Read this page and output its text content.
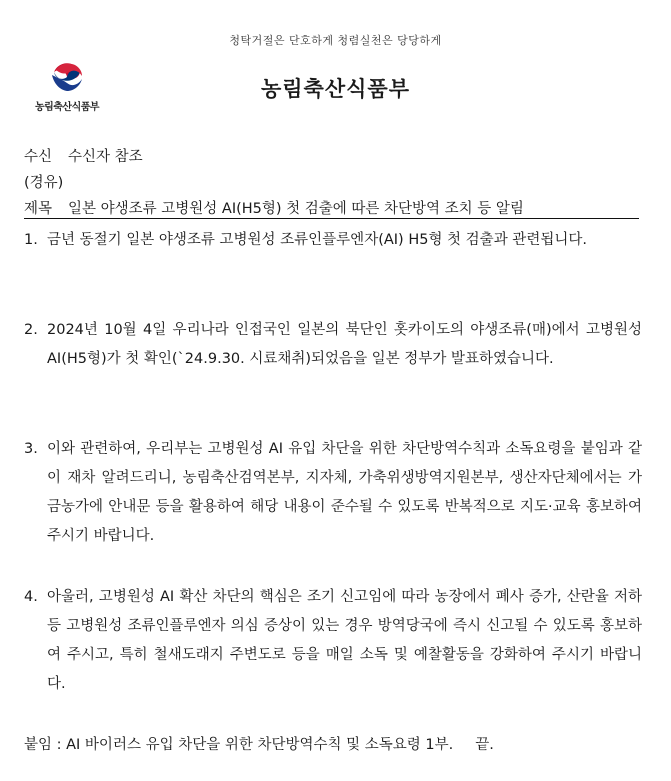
청탁거절은 단호하게 청렴실천은 당당하게
농림축산식품부
농림축산식품부
수신 수신자 참조
(경유)
제목 일본 야생조류 고병원성 AI(H5형) 첫 검출에 따른 차단방역 조치 등 알림
1. 금년 동절기 일본 야생조류 고병원성 조류인플루엔자(AI) H5형 첫 검출과 관련됩니다.
2. 2024년 10월 4일 우리나라 인접국인 일본의 북단인 홋카이도의 야생조류(매)에서 고병원성 AI(H5형)가 첫 확인(`24.9.30. 시료채취)되었음을 일본 정부가 발표하였습니다.
3. 이와 관련하여, 우리부는 고병원성 AI 유입 차단을 위한 차단방역수칙과 소독요령을 붙임과 같이 재차 알려드리니, 농림축산검역본부, 지자체, 가축위생방역지원본부, 생산자단체에서는 가금농가에 안내문 등을 활용하여 해당 내용이 준수될 수 있도록 반복적으로 지도·교육 홍보하여 주시기 바랍니다.
4. 아울러, 고병원성 AI 확산 차단의 핵심은 조기 신고임에 따라 농장에서 폐사 증가, 산란율 저하 등 고병원성 조류인플루엔자 의심 증상이 있는 경우 방역당국에 즉시 신고될 수 있도록 홍보하여 주시고, 특히 철새도래지 주변도로 등을 매일 소독 및 예찰활동을 강화하여 주시기 바랍니다.
붙임 : AI 바이러스 유입 차단을 위한 차단방역수칙 및 소독요령 1부. 끝.
